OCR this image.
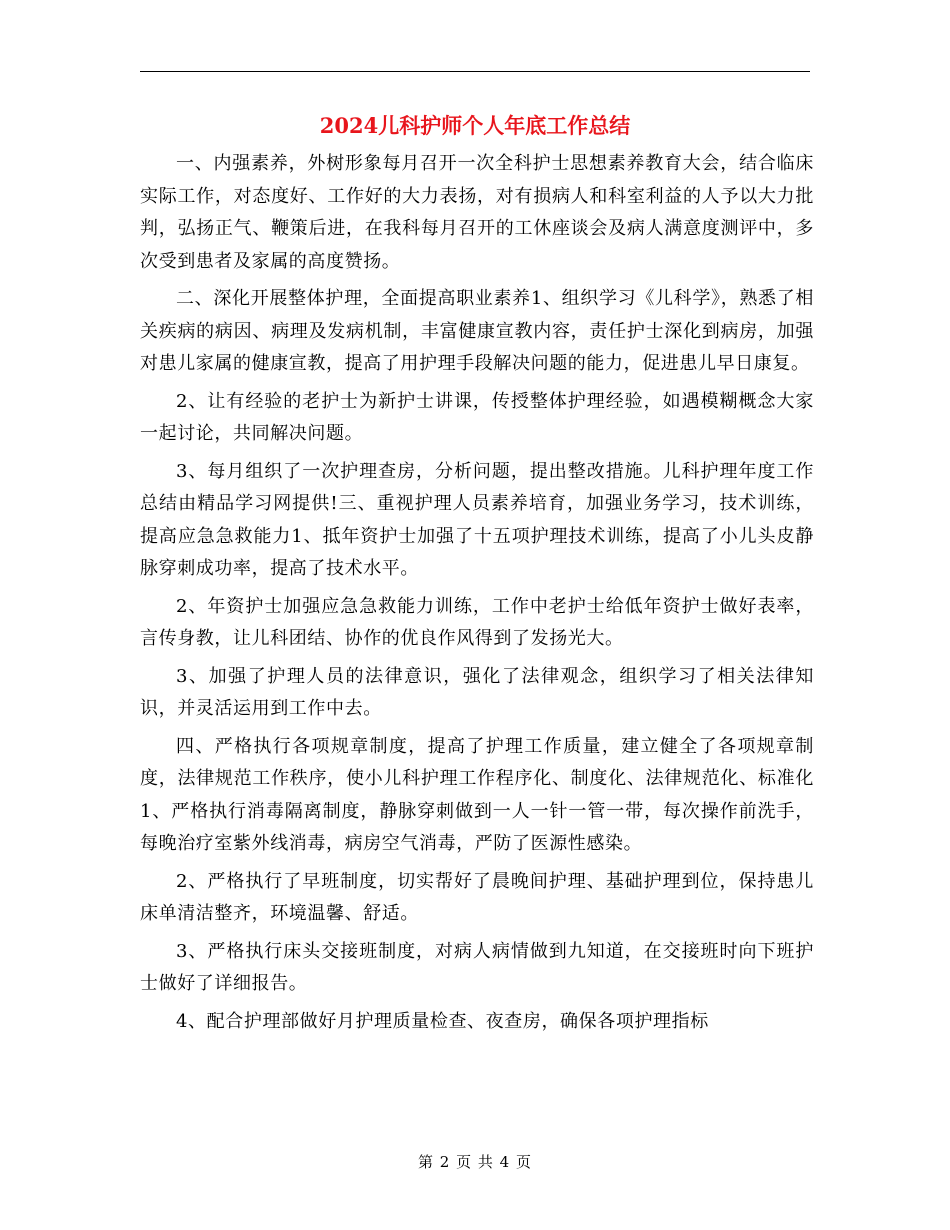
2024儿科护师个人年底工作总结

一、内强素养，外树形象每月召开一次全科护士思想素养教育大会，结合临床实际工作，对态度好、工作好的大力表扬，对有损病人和科室利益的人予以大力批判，弘扬正气、鞭策后进，在我科每月召开的工休座谈会及病人满意度测评中，多次受到患者及家属的高度赞扬。

二、深化开展整体护理，全面提高职业素养1、组织学习《儿科学》，熟悉了相关疾病的病因、病理及发病机制，丰富健康宣教内容，责任护士深化到病房，加强对患儿家属的健康宣教，提高了用护理手段解决问题的能力，促进患儿早日康复。

2、让有经验的老护士为新护士讲课，传授整体护理经验，如遇模糊概念大家一起讨论，共同解决问题。

3、每月组织了一次护理查房，分析问题，提出整改措施。儿科护理年度工作总结由精品学习网提供!三、重视护理人员素养培育，加强业务学习，技术训练，提高应急急救能力1、抵年资护士加强了十五项护理技术训练，提高了小儿头皮静脉穿刺成功率，提高了技术水平。

2、年资护士加强应急急救能力训练，工作中老护士给低年资护士做好表率，言传身教，让儿科团结、协作的优良作风得到了发扬光大。

3、加强了护理人员的法律意识，强化了法律观念，组织学习了相关法律知识，并灵活运用到工作中去。

四、严格执行各项规章制度，提高了护理工作质量，建立健全了各项规章制度，法律规范工作秩序，使小儿科护理工作程序化、制度化、法律规范化、标准化1、严格执行消毒隔离制度，静脉穿刺做到一人一针一管一带，每次操作前洗手，每晚治疗室紫外线消毒，病房空气消毒，严防了医源性感染。

2、严格执行了早班制度，切实帮好了晨晚间护理、基础护理到位，保持患儿床单清洁整齐，环境温馨、舒适。

3、严格执行床头交接班制度，对病人病情做到九知道，在交接班时向下班护士做好了详细报告。

4、配合护理部做好月护理质量检查、夜查房，确保各项护理指标

第 2 页 共 4 页
